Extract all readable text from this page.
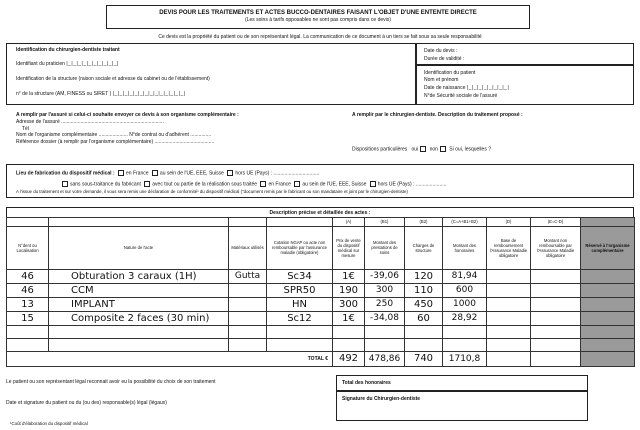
DEVIS POUR LES TRAITEMENTS ET ACTES BUCCO-DENTAIRES FAISANT L'OBJET D'UNE ENTENTE DIRECTE
(Les soins à tarifs opposables ne sont pas compris dans ce devis)
Ce devis est la propriété du patient ou de son représentant légal. La communication de ce document à un tiers se fait sous sa seule responsabilité
Identification du chirurgien-dentiste traitant
Identifiant du praticien |_|_|_|_|_|_|_|_|_|_|
Identification de la structure (raison sociale et adresse du cabinet ou de l'établissement)
n° de la structure (AM, FINESS ou SIRET ) |_|_|_|_|_|_|_|_|_|_|_|_|_|_|
Date du devis :
Durée de validité :
Identification du patient
Nom et prénom
Date de naissance |_|_|_|_|_|_|_|_|
N°de Sécurité sociale de l'assuré
A remplir par l'assuré si celui-ci souhaite envoyer ce devis à son organisme complémentaire :
Adresse de l'assuré ..........................................................................
Tél
Nom de l'organisme complémentaire ..................... N°de contrat ou d'adhérent ...............
Référence dossier (à remplir par l'organisme complémentaire) ...........................................
A remplir par le chirurgien-dentiste. Description du traitement proposé :
Dispositions particulières oui non Si oui, lesquelles ?
Lieu de fabrication du dispositif médical : en France au sein de l'UE, EEE, Suisse hors UE (Pays) : .................................
sans sous-traitance du fabricant avec tout ou partie de la réalisation sous traitée en France au sein de l'UE, EEE, Suisse hors UE (Pays) : ......................
A l'issue du traitement et sur votre demande, il vous sera remis une déclaration de conformité¹ du dispositif médical ("document remis par le fabricant ou son mandataire et joint par le chirurgien-dentiste)
Description précise et détaillée des actes :
				(A)	(B1)	(B2)	(C=A+B1+B2)	(D)	(E=C-D)	
N°dent ou Localisation	Nature de l'acte	Matériaux utilisés	Cotation NGAP ou acte non remboursable par l'assurance maladie (obligatoire)	Prix de vente du dispositif médical sur mesure	Montant des prestations de soins	Charges de structure	Montant des honoraires	Base de remboursement l'Assurance Maladie obligatoire	Montant non remboursable par l'Assurance Maladie obligatoire	Réservé à l'organisme complémentaire
46	Obturation 3 caraux (1H)	Gutta	Sc34	1€	-39,06	120	81,94			
46	CCM		SPR50	190	300	110	600			
13	IMPLANT		HN	300	250	450	1000			
15	Composite 2 faces (30 min)		Sc12	1€	-34,08	60	28,92			

TOTAL €				492	478,86	740	1710,8			
Le patient ou son représentant légal reconnait avoir eu la possibilité du choix de son traitement
Date et signature du patient ou du (ou des) responsable(s) légal (légaux)
Total des honoraires
Signature du Chirurgien-dentiste
¹Coût d'élaboration du dispositif médical
